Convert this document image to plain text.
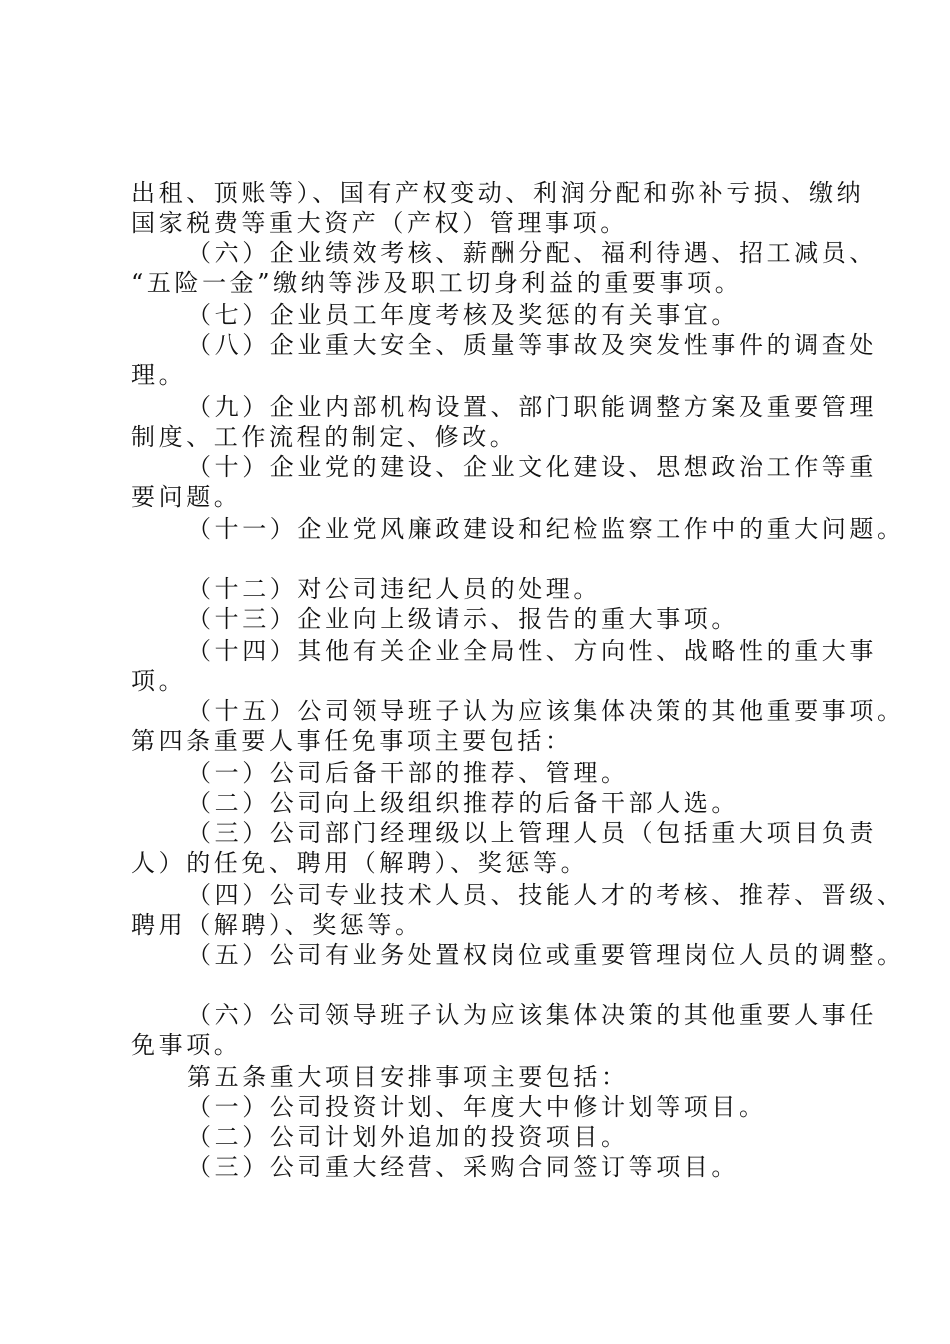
出租、顶账等）、国有产权变动、利润分配和弥补亏损、缴纳
国家税费等重大资产（产权）管理事项。
（六）企业绩效考核、薪酬分配、福利待遇、招工减员、
“五险一金”缴纳等涉及职工切身利益的重要事项。
（七）企业员工年度考核及奖惩的有关事宜。
（八）企业重大安全、质量等事故及突发性事件的调查处
理。
（九）企业内部机构设置、部门职能调整方案及重要管理
制度、工作流程的制定、修改。
（十）企业党的建设、企业文化建设、思想政治工作等重
要问题。
（十一）企业党风廉政建设和纪检监察工作中的重大问题。
（十二）对公司违纪人员的处理。
（十三）企业向上级请示、报告的重大事项。
（十四）其他有关企业全局性、方向性、战略性的重大事
项。
（十五）公司领导班子认为应该集体决策的其他重要事项。
第四条重要人事任免事项主要包括：
（一）公司后备干部的推荐、管理。
（二）公司向上级组织推荐的后备干部人选。
（三）公司部门经理级以上管理人员（包括重大项目负责
人）的任免、聘用（解聘）、奖惩等。
（四）公司专业技术人员、技能人才的考核、推荐、晋级、
聘用（解聘）、奖惩等。
（五）公司有业务处置权岗位或重要管理岗位人员的调整。
（六）公司领导班子认为应该集体决策的其他重要人事任
免事项。
第五条重大项目安排事项主要包括：
（一）公司投资计划、年度大中修计划等项目。
（二）公司计划外追加的投资项目。
（三）公司重大经营、采购合同签订等项目。
